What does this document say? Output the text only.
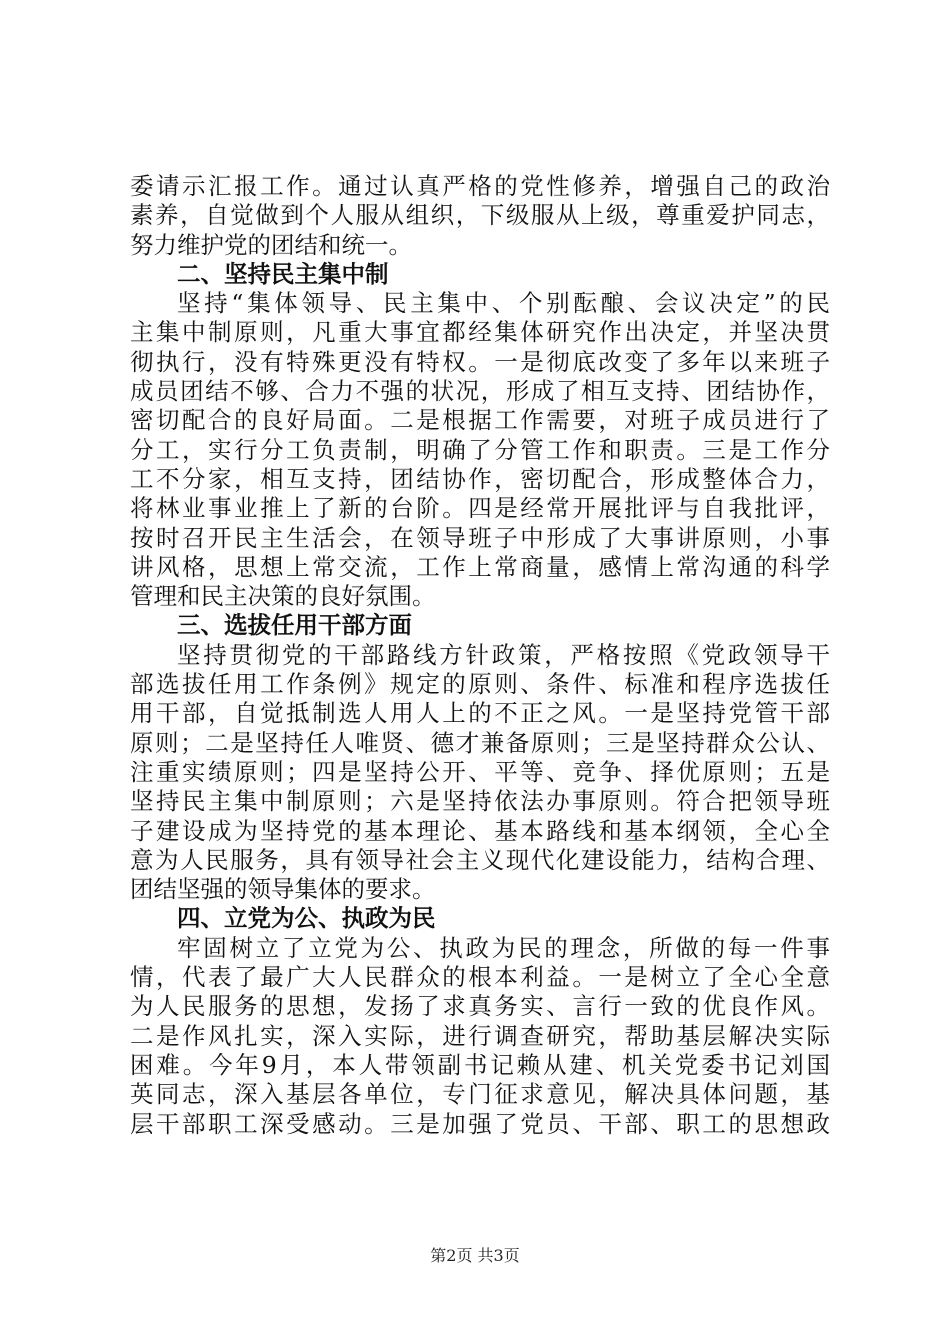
委请示汇报工作。通过认真严格的党性修养，增强自己的政治
素养，自觉做到个人服从组织，下级服从上级，尊重爱护同志，
努力维护党的团结和统一。
二、坚持民主集中制
坚持“集体领导、民主集中、个别酝酿、会议决定”的民
主集中制原则，凡重大事宜都经集体研究作出决定，并坚决贯
彻执行，没有特殊更没有特权。一是彻底改变了多年以来班子
成员团结不够、合力不强的状况，形成了相互支持、团结协作，
密切配合的良好局面。二是根据工作需要，对班子成员进行了
分工，实行分工负责制，明确了分管工作和职责。三是工作分
工不分家，相互支持，团结协作，密切配合，形成整体合力，
将林业事业推上了新的台阶。四是经常开展批评与自我批评，
按时召开民主生活会，在领导班子中形成了大事讲原则，小事
讲风格，思想上常交流，工作上常商量，感情上常沟通的科学
管理和民主决策的良好氛围。
三、选拔任用干部方面
坚持贯彻党的干部路线方针政策，严格按照《党政领导干
部选拔任用工作条例》规定的原则、条件、标准和程序选拔任
用干部，自觉抵制选人用人上的不正之风。一是坚持党管干部
原则；二是坚持任人唯贤、德才兼备原则；三是坚持群众公认、
注重实绩原则；四是坚持公开、平等、竞争、择优原则；五是
坚持民主集中制原则；六是坚持依法办事原则。符合把领导班
子建设成为坚持党的基本理论、基本路线和基本纲领，全心全
意为人民服务，具有领导社会主义现代化建设能力，结构合理、
团结坚强的领导集体的要求。
四、立党为公、执政为民
牢固树立了立党为公、执政为民的理念，所做的每一件事
情，代表了最广大人民群众的根本利益。一是树立了全心全意
为人民服务的思想，发扬了求真务实、言行一致的优良作风。
二是作风扎实，深入实际，进行调查研究，帮助基层解决实际
困难。今年9月，本人带领副书记赖从建、机关党委书记刘国
英同志，深入基层各单位，专门征求意见，解决具体问题，基
层干部职工深受感动。三是加强了党员、干部、职工的思想政
第2页 共3页
